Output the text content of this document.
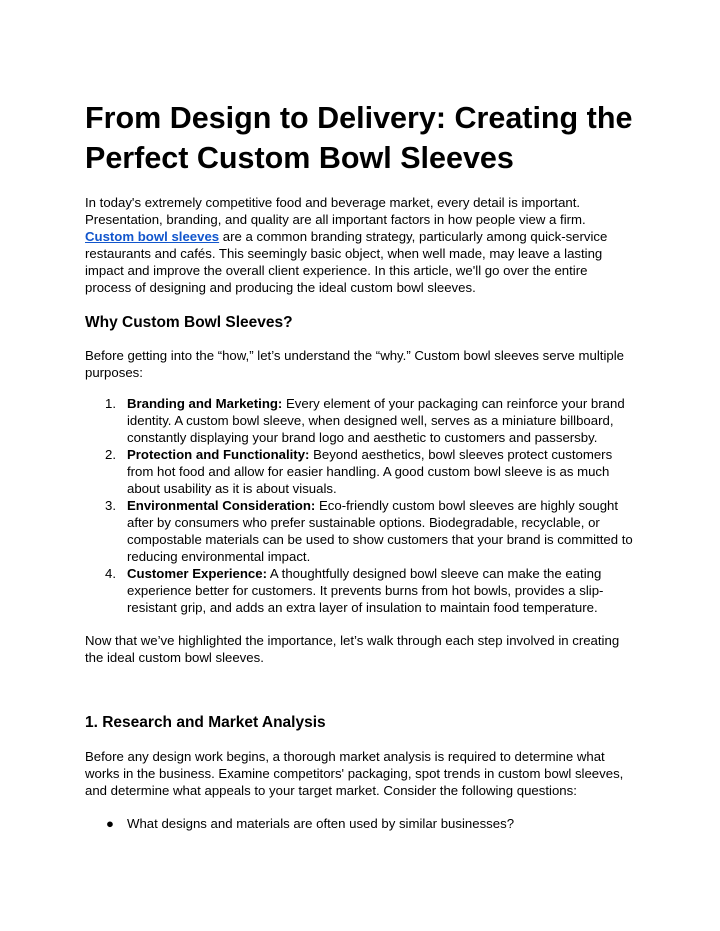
From Design to Delivery: Creating the Perfect Custom Bowl Sleeves

In today's extremely competitive food and beverage market, every detail is important. Presentation, branding, and quality are all important factors in how people view a firm. Custom bowl sleeves are a common branding strategy, particularly among quick-service restaurants and cafés. This seemingly basic object, when well made, may leave a lasting impact and improve the overall client experience. In this article, we'll go over the entire process of designing and producing the ideal custom bowl sleeves.

Why Custom Bowl Sleeves?

Before getting into the “how,” let’s understand the “why.” Custom bowl sleeves serve multiple purposes:

1. Branding and Marketing: Every element of your packaging can reinforce your brand identity. A custom bowl sleeve, when designed well, serves as a miniature billboard, constantly displaying your brand logo and aesthetic to customers and passersby.
2. Protection and Functionality: Beyond aesthetics, bowl sleeves protect customers from hot food and allow for easier handling. A good custom bowl sleeve is as much about usability as it is about visuals.
3. Environmental Consideration: Eco-friendly custom bowl sleeves are highly sought after by consumers who prefer sustainable options. Biodegradable, recyclable, or compostable materials can be used to show customers that your brand is committed to reducing environmental impact.
4. Customer Experience: A thoughtfully designed bowl sleeve can make the eating experience better for customers. It prevents burns from hot bowls, provides a slip-resistant grip, and adds an extra layer of insulation to maintain food temperature.

Now that we’ve highlighted the importance, let’s walk through each step involved in creating the ideal custom bowl sleeves.

1. Research and Market Analysis

Before any design work begins, a thorough market analysis is required to determine what works in the business. Examine competitors' packaging, spot trends in custom bowl sleeves, and determine what appeals to your target market. Consider the following questions:

● What designs and materials are often used by similar businesses?
